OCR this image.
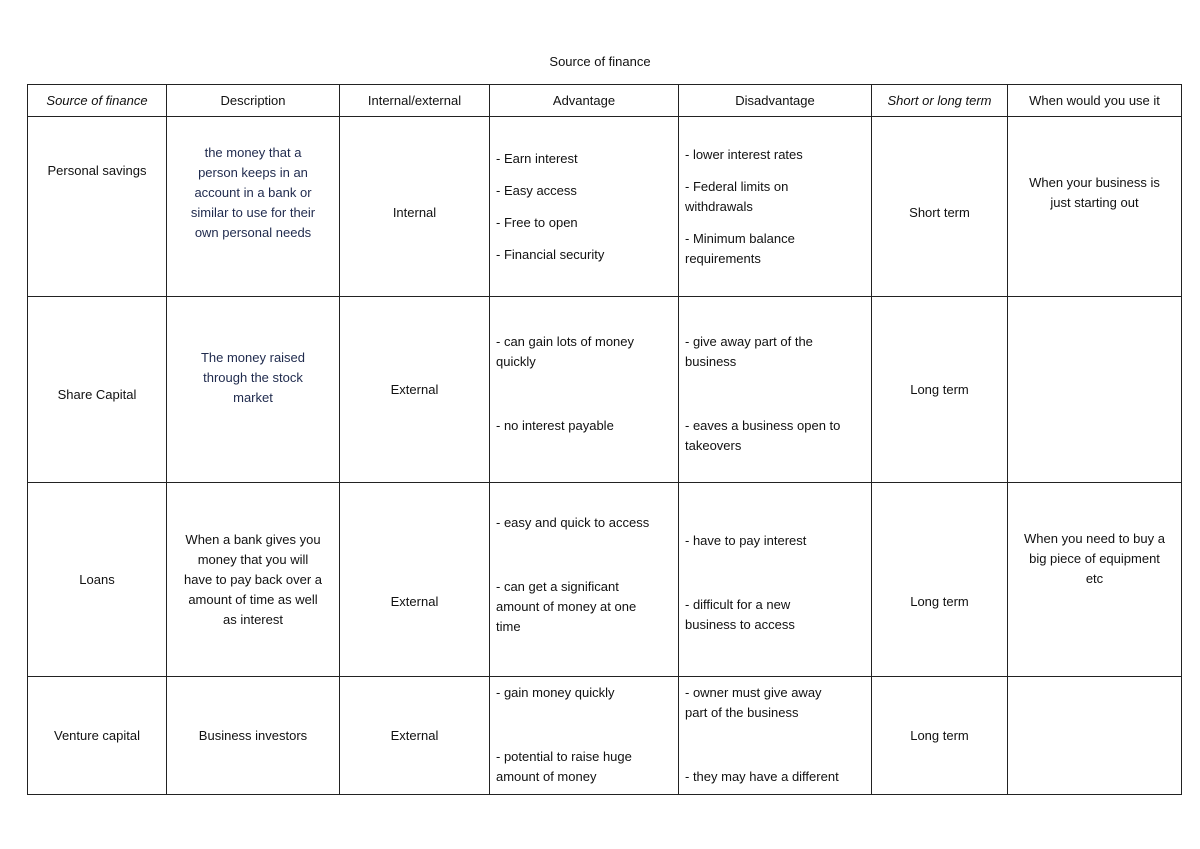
Source of finance
Source of finance	Description	Internal/external	Advantage	Disadvantage	Short or long term	When would you use it

Personal savings	the money that a
person keeps in an
account in a bank or
similar to use for their
own personal needs	Internal	- Earn interest
- Easy access
- Free to open
- Financial security	- lower interest rates
- Federal limits on
withdrawals
- Minimum balance
requirements	Short term	When your business is
just starting out

Share Capital	The money raised
through the stock
market	External	- can gain lots of money
quickly
- no interest payable	- give away part of the
business
- eaves a business open to
takeovers	Long term	

Loans	When a bank gives you
money that you will
have to pay back over a
amount of time as well
as interest	External	- easy and quick to access
- can get a significant
amount of money at one
time	- have to pay interest
- difficult for a new
business to access	Long term	When you need to buy a
big piece of equipment
etc

Venture capital	Business investors	External	- gain money quickly
- potential to raise huge
amount of money	- owner must give away
part of the business
- they may have a different	Long term	
